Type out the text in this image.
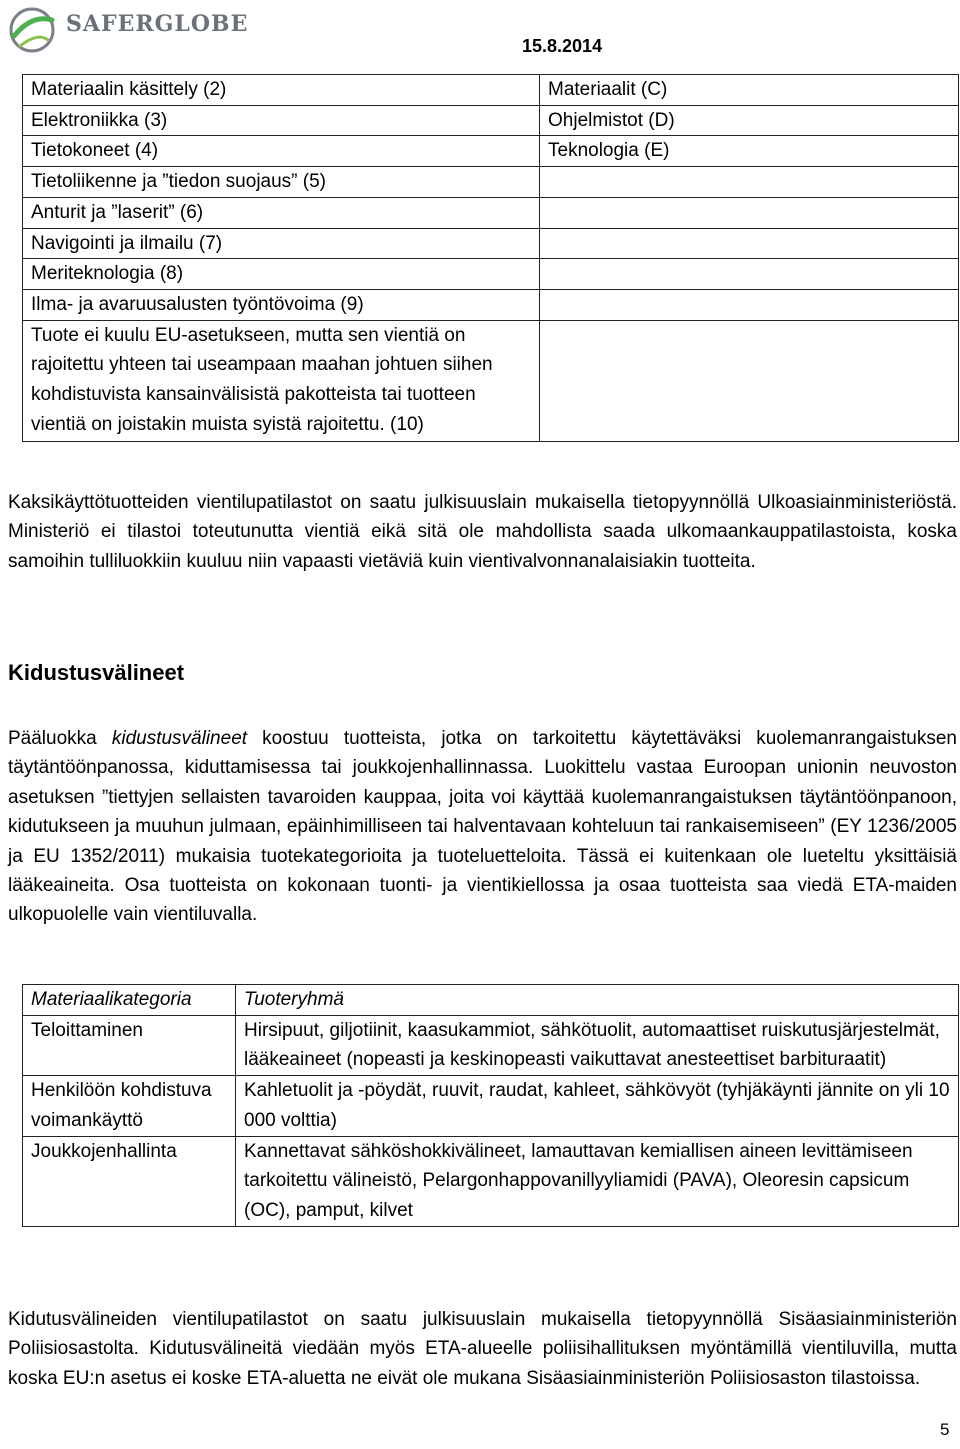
SAFERGLOBE
15.8.2014
Materiaalin käsittely (2)	Materiaalit (C)
Elektroniikka (3)	Ohjelmistot (D)
Tietokoneet (4)	Teknologia (E)
Tietoliikenne ja ”tiedon suojaus” (5)	
Anturit ja ”laserit” (6)	
Navigointi ja ilmailu (7)	
Meriteknologia (8)	
Ilma- ja avaruusalusten työntövoima (9)	
Tuote ei kuulu EU-asetukseen, mutta sen vientiä on rajoitettu yhteen tai useampaan maahan johtuen siihen kohdistuvista kansainvälisistä pakotteista tai tuotteen vientiä on joistakin muista syistä rajoitettu. (10)	

Kaksikäyttötuotteiden vientilupatilastot on saatu julkisuuslain mukaisella tietopyynnöllä Ulkoasiainministeriöstä. Ministeriö ei tilastoi toteutunutta vientiä eikä sitä ole mahdollista saada ulkomaankauppatilastoista, koska samoihin tulliluokkiin kuuluu niin vapaasti vietäviä kuin vientivalvonnanalaisiakin tuotteita.

Kidustusvälineet

Pääluokka kidustusvälineet koostuu tuotteista, jotka on tarkoitettu käytettäväksi kuolemanrangaistuksen täytäntöönpanossa, kiduttamisessa tai joukkojenhallinnassa. Luokittelu vastaa Euroopan unionin neuvoston asetuksen ”tiettyjen sellaisten tavaroiden kauppaa, joita voi käyttää kuolemanrangaistuksen täytäntöönpanoon, kidutukseen ja muuhun julmaan, epäinhimilliseen tai halventavaan kohteluun tai rankaisemiseen” (EY 1236/2005 ja EU 1352/2011) mukaisia tuotekategorioita ja tuoteluetteloita. Tässä ei kuitenkaan ole lueteltu yksittäisiä lääkeaineita. Osa tuotteista on kokonaan tuonti- ja vientikiellossa ja osaa tuotteista saa viedä ETA-maiden ulkopuolelle vain vientiluvalla.

Materiaalikategoria	Tuoteryhmä
Teloittaminen	Hirsipuut, giljotiinit, kaasukammiot, sähkötuolit, automaattiset ruiskutusjärjestelmät, lääkeaineet (nopeasti ja keskinopeasti vaikuttavat anesteettiset barbituraatit)
Henkilöön kohdistuva voimankäyttö	Kahletuolit ja -pöydät, ruuvit, raudat, kahleet, sähkövyöt (tyhjäkäynti jännite on yli 10 000 volttia)
Joukkojenhallinta	Kannettavat sähköshokkivälineet, lamauttavan kemiallisen aineen levittämiseen tarkoitettu välineistö, Pelargonhappovanillyyliamidi (PAVA), Oleoresin capsicum (OC), pamput, kilvet

Kidutusvälineiden vientilupatilastot on saatu julkisuuslain mukaisella tietopyynnöllä Sisäasiainministeriön Poliisiosastolta. Kidutusvälineitä viedään myös ETA-alueelle poliisihallituksen myöntämillä vientiluvilla, mutta koska EU:n asetus ei koske ETA-aluetta ne eivät ole mukana Sisäasiainministeriön Poliisiosaston tilastoissa.

5
